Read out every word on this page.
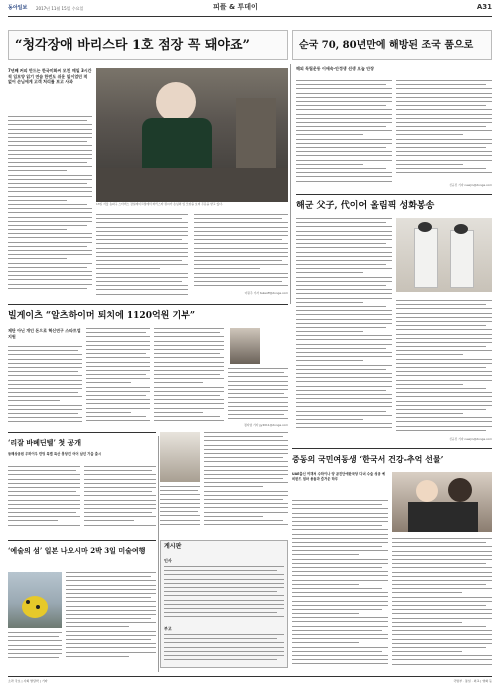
동아일보 2017년 11월 15일 수요일	피플 & 투데이	A31
“청각장애 바리스타 1호 점장 꼭 돼야죠”	순국 70, 80년만에 해방된 조국 품으로
7년째 커피 만드는 한국미화씨 모친 매일 3시간씩 입모양 읽기 연습 한번도 쉬운 일이었던 적 없어 손님에게 고객 처리를 보고 사과
13일 서울 송파구 스타벅스 잠실레이크점에서 바리스타 권씨가 손님의 입 모양을 보며 주문을 받고 있다.
이원주 기자 takeoff@donga.com
해외 독립운동 이애숙·안정생 선생 오늘 안장
신규진 기자 newjin@donga.com
빌게이츠 “알츠하이머 퇴치에 1120억원 기부”
제단 아닌 개인 돈으로 혁신연구 스타트업 지원
정지영 기자 jjy2011@donga.com
해군 父子, 代이어 올림픽 성화봉송
신규진 기자 newjin@donga.com
‘리잘 바베딘텔’ 첫 공개
동해상공원 우하이우 런팅 특별 특산 몽당킨 어어 남년 가을 출시
‘예술의 섬’ 일본 나오시마 2박 3일 미술여행	게시판
인사
부고
중동의 국민여동생 ‘한국서 건강-추억 선물’
UAE출신 여객처 수하이나 양 곧진단에한국당 다녀 수술 성공 예비한드 엄마 용돔과 즐거운 하루
소라 국보 | 사회 발달학 | 기타	국방부 · 통일 · 외교 | 영화 등
